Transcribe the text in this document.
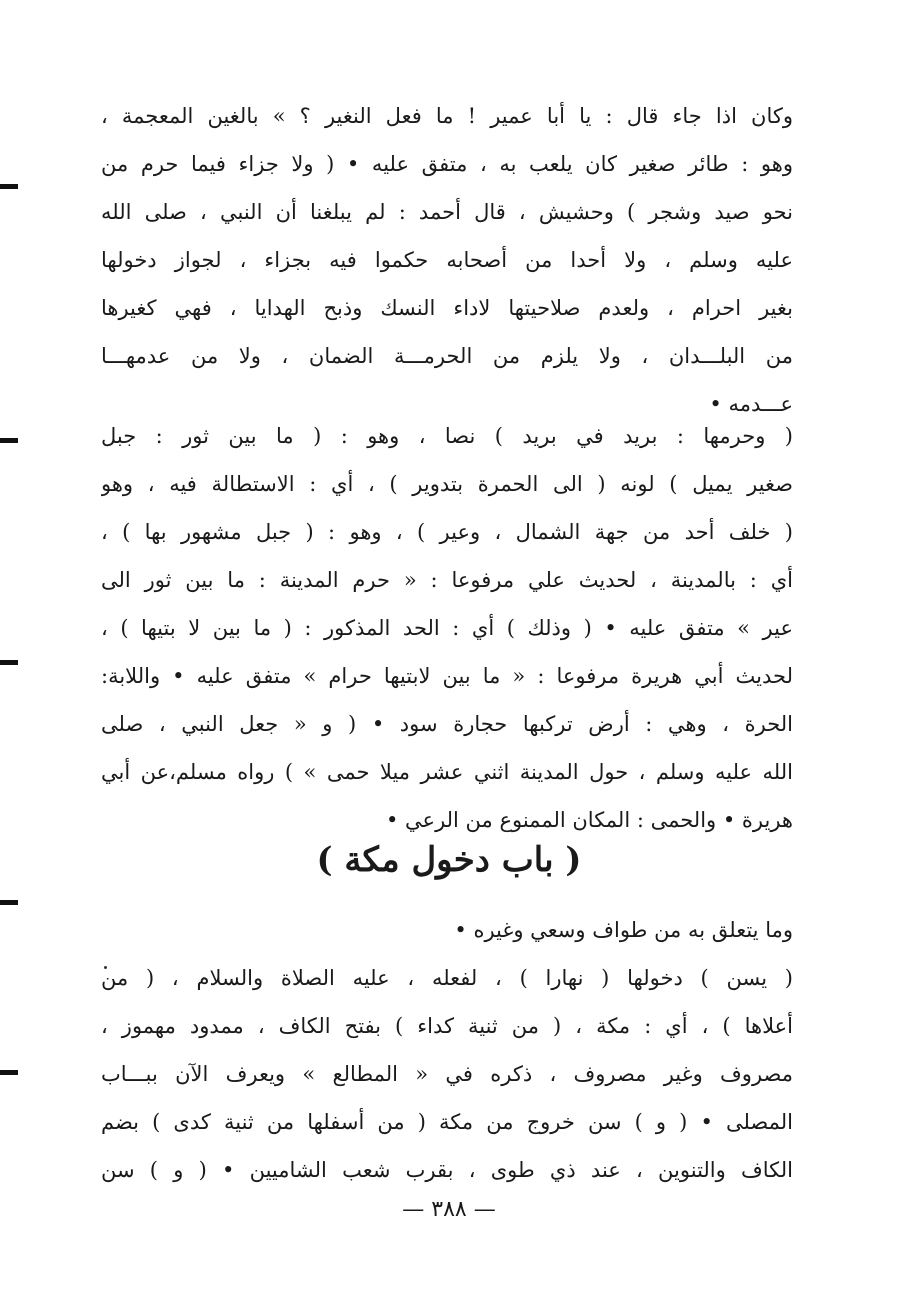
وكان اذا جاء قال : يا أبا عمير ! ما فعل النغير ؟ » بالغين المعجمة ،
وهو : طائر صغير كان يلعب به ، متفق عليه • ( ولا جزاء فيما حرم من
نحو صيد وشجر ) وحشيش ، قال أحمد : لم يبلغنا أن النبي ، صلى الله
عليه وسلم ، ولا أحدا من أصحابه حكموا فيه بجزاء ، لجواز دخولها
بغير احرام ، ولعدم صلاحيتها لاداء النسك وذبح الهدايا ، فهي كغيرها
من البلـــدان ، ولا يلزم من الحرمـــة الضمان ، ولا من عدمهـــا
عـــدمه •
( وحرمها : بريد في بريد ) نصا ، وهو : ( ما بين ثور : جبل
صغير يميل ) لونه ( الى الحمرة بتدوير ) ، أي : الاستطالة فيه ، وهو
( خلف أحد من جهة الشمال ، وعير ) ، وهو : ( جبل مشهور بها ) ،
أي : بالمدينة ، لحديث علي مرفوعا : « حرم المدينة : ما بين ثور الى
عير » متفق عليه • ( وذلك ) أي : الحد المذكور : ( ما بين لا بتيها ) ،
لحديث أبي هريرة مرفوعا : « ما بين لابتيها حرام » متفق عليه • واللابة:
الحرة ، وهي : أرض تركبها حجارة سود • ( و « جعل النبي ، صلى
الله عليه وسلم ، حول المدينة اثني عشر ميلا حمى » ) رواه مسلم،عن أبي
هريرة • والحمى : المكان الممنوع من الرعي •
( باب دخول مكة )
وما يتعلق به من طواف وسعي وغيره •
( يسن ) دخولها ( نهارا ) ، لفعله ، عليه الصلاة والسلام ، ( من
أعلاها ) ، أي : مكة ، ( من ثنية كداء ) بفتح الكاف ، ممدود مهموز ،
مصروف وغير مصروف ، ذكره في « المطالع » ويعرف الآن ببـــاب
المصلى • ( و ) سن خروج من مكة ( من أسفلها من ثنية كدى ) بضم
الكاف والتنوين ، عند ذي طوى ، بقرب شعب الشاميين • ( و ) سن
— ٣٨٨ —
